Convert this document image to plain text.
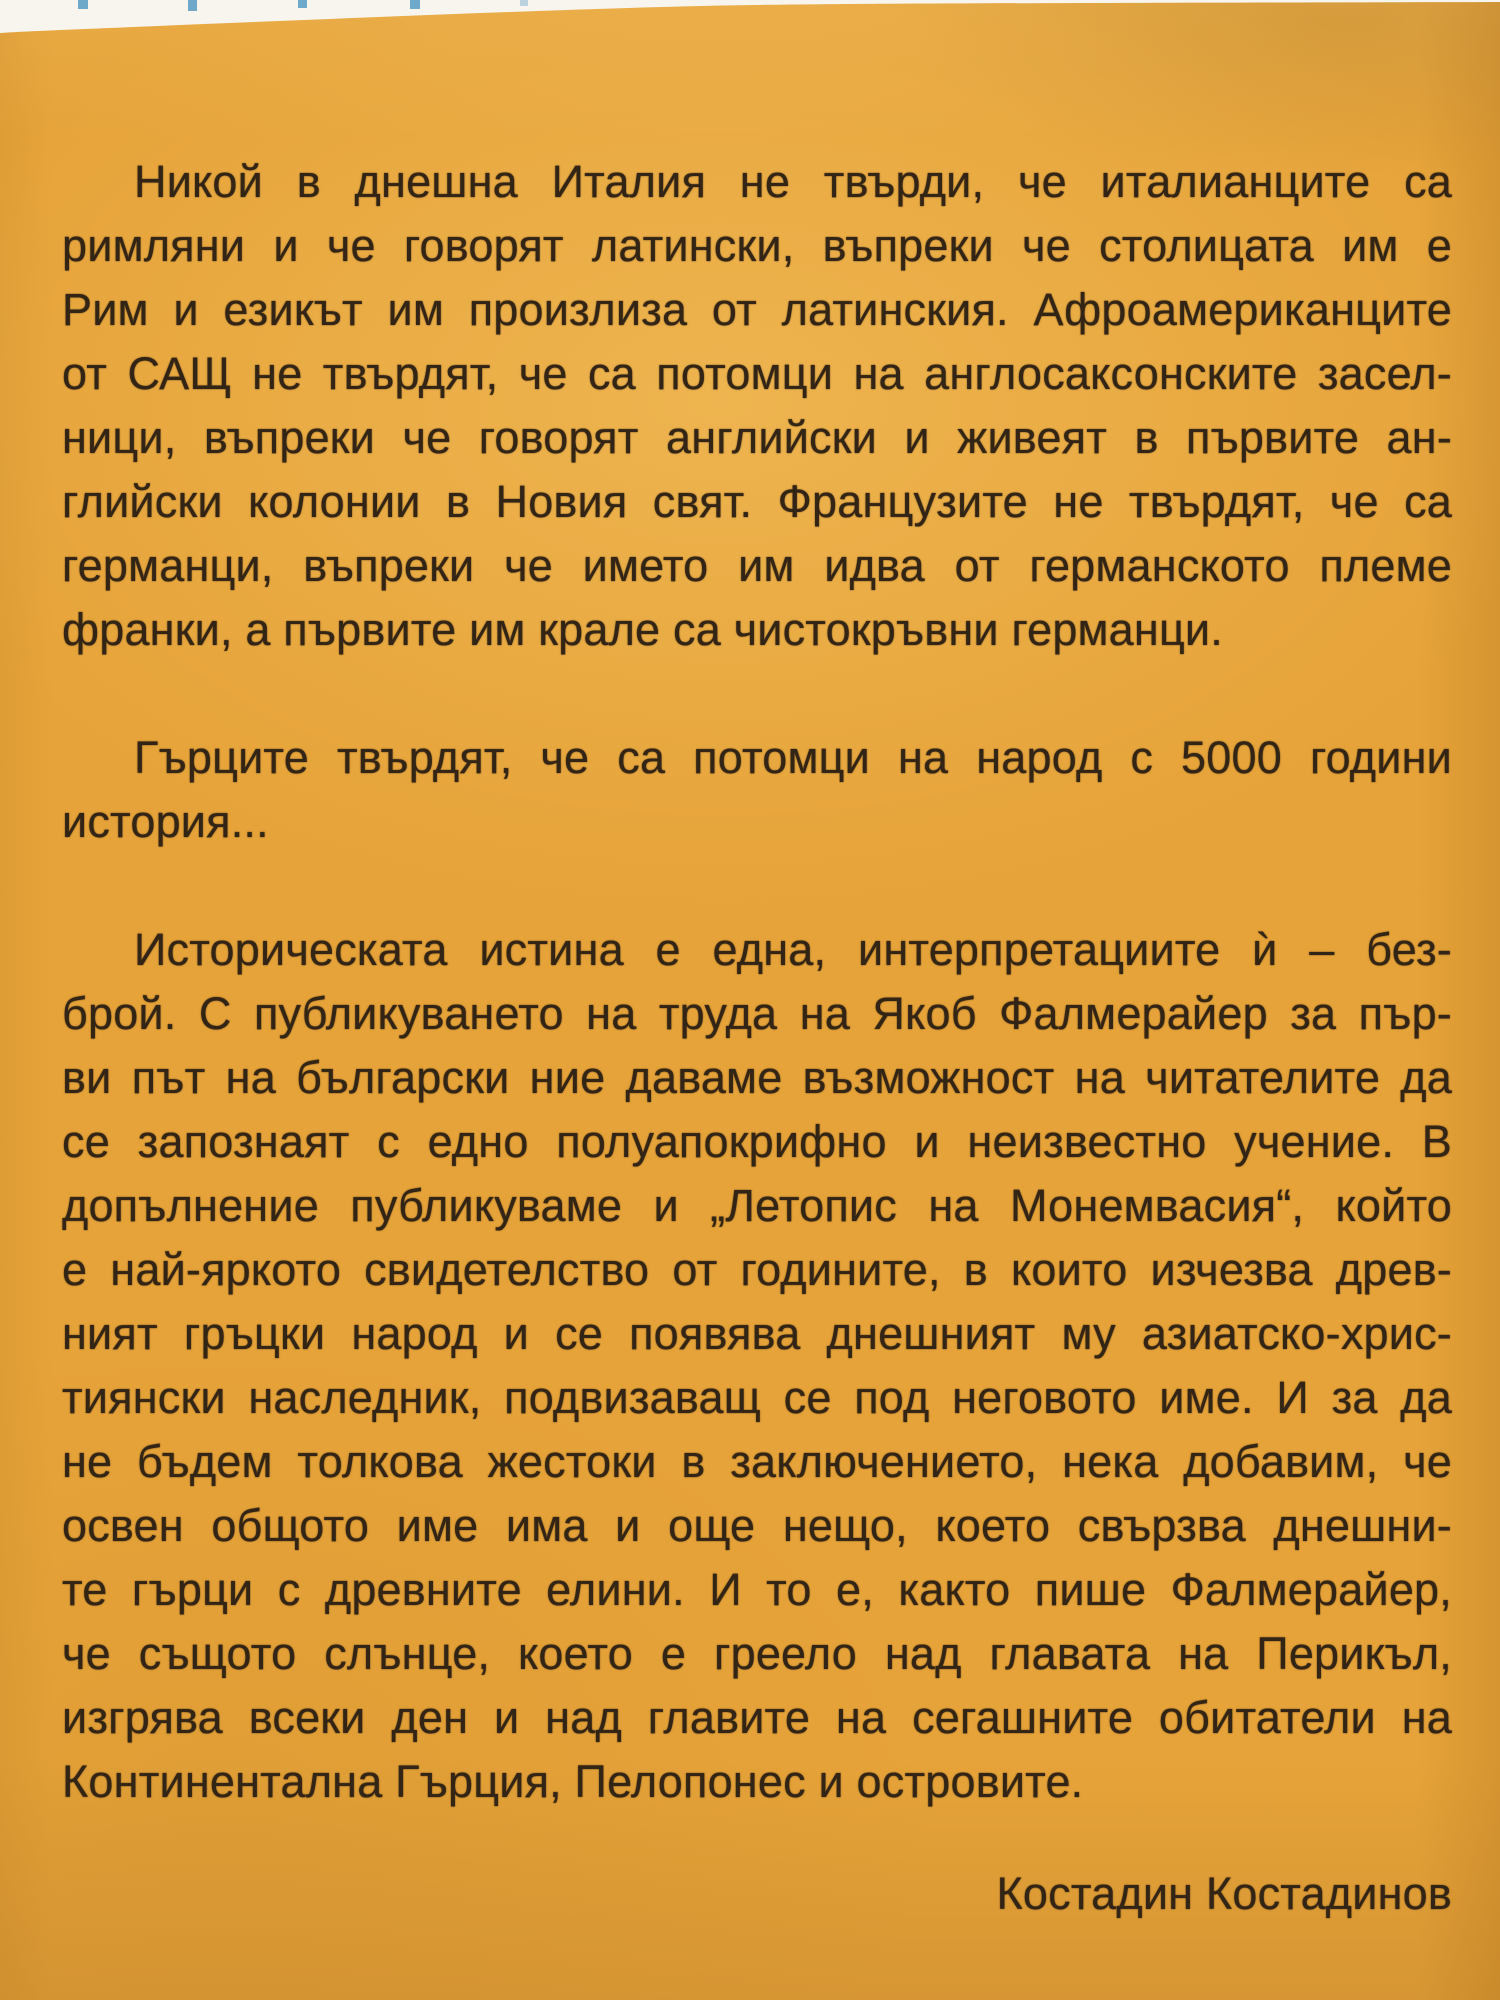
Никой в днешна Италия не твърди, че италианците са
римляни и че говорят латински, въпреки че столицата им е
Рим и езикът им произлиза от латинския. Афроамериканците
от САЩ не твърдят, че са потомци на англосаксонските засел-
ници, въпреки че говорят английски и живеят в първите ан-
глийски колонии в Новия свят. Французите не твърдят, че са
германци, въпреки че името им идва от германското племе
франки, а първите им крале са чистокръвни германци.
Гърците твърдят, че са потомци на народ с 5000 години
история...
Историческата истина е една, интерпретациите ѝ – без-
брой. С публикуването на труда на Якоб Фалмерайер за пър-
ви път на български ние даваме възможност на читателите да
се запознаят с едно полуапокрифно и неизвестно учение. В
допълнение публикуваме и „Летопис на Монемвасия“, който
е най-яркото свидетелство от годините, в които изчезва древ-
ният гръцки народ и се появява днешният му азиатско-хрис-
тиянски наследник, подвизаващ се под неговото име. И за да
не бъдем толкова жестоки в заключението, нека добавим, че
освен общото име има и още нещо, което свързва днешни-
те гърци с древните елини. И то е, както пише Фалмерайер,
че същото слънце, което е греело над главата на Перикъл,
изгрява всеки ден и над главите на сегашните обитатели на
Континентална Гърция, Пелопонес и островите.
Костадин Костадинов
